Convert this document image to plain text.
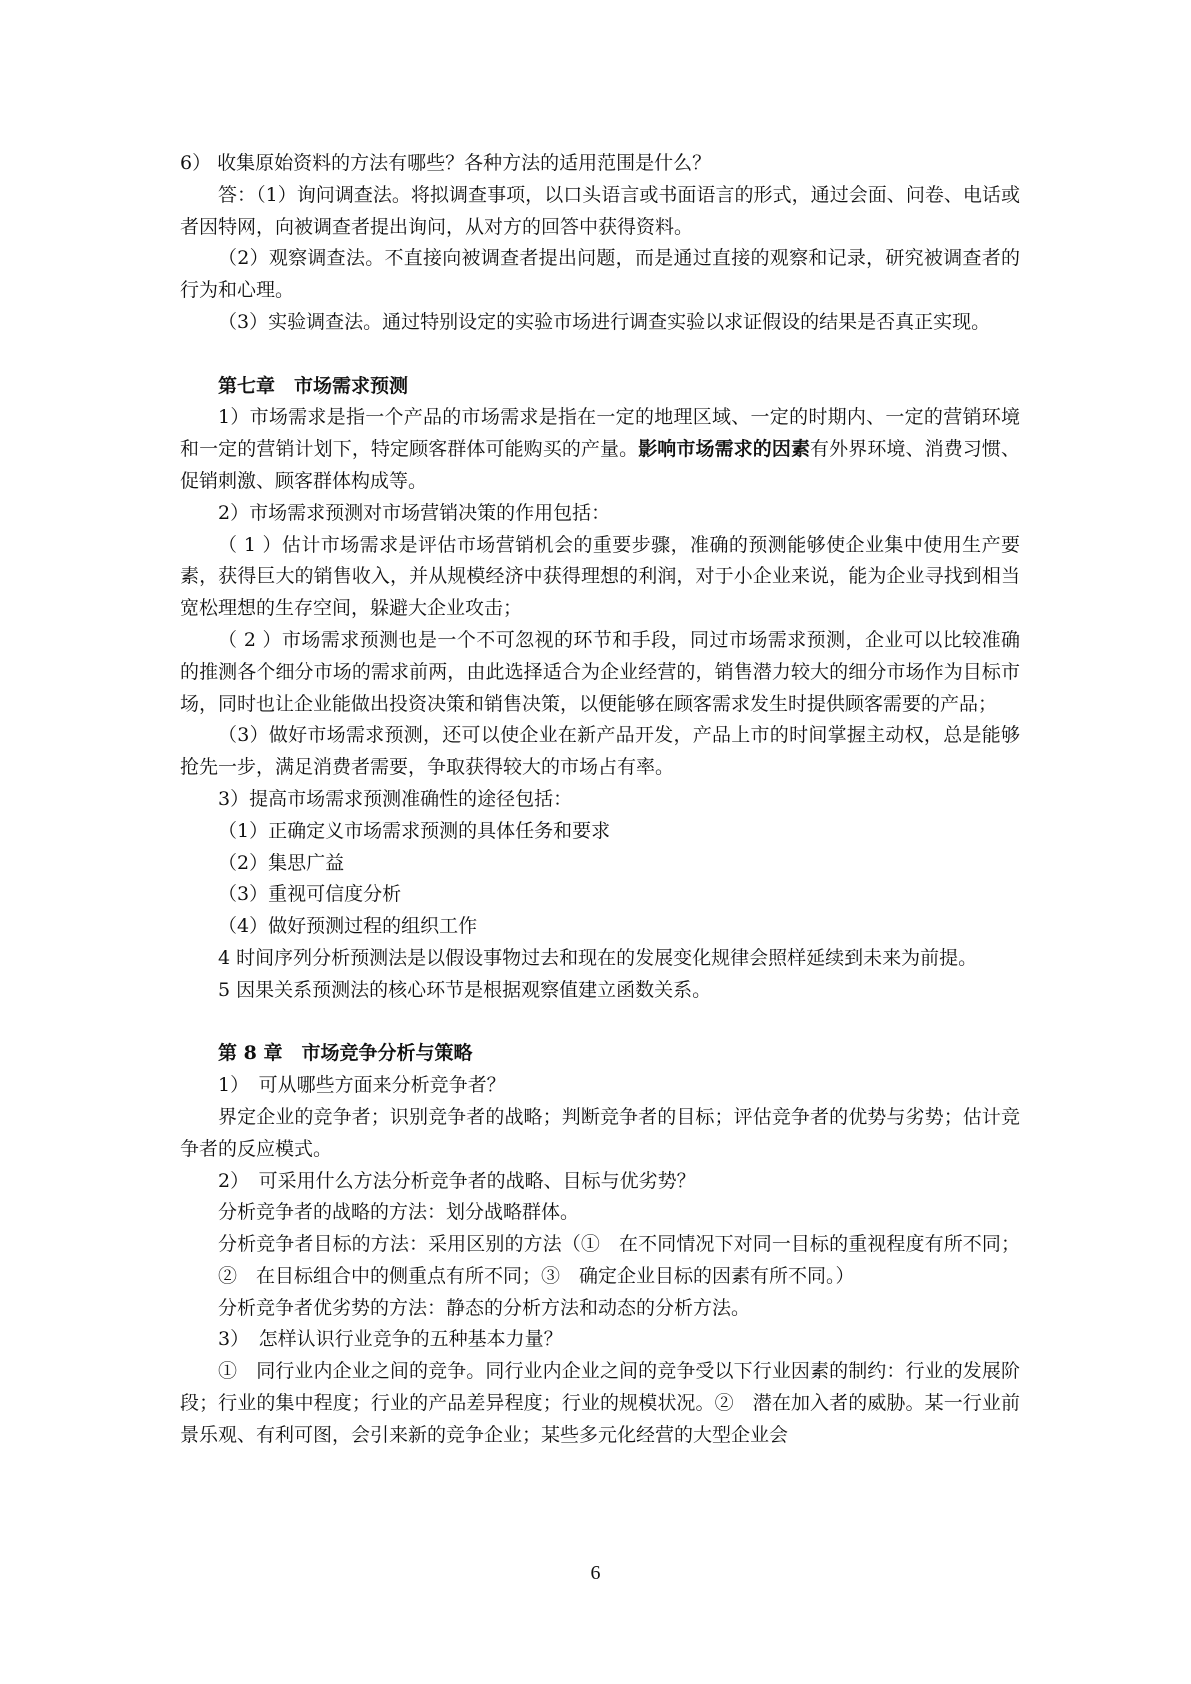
6） 收集原始资料的方法有哪些？各种方法的适用范围是什么？

答：（1）询问调查法。将拟调查事项，以口头语言或书面语言的形式，通过会面、问卷、电话或者因特网，向被调查者提出询问，从对方的回答中获得资料。

（2）观察调查法。不直接向被调查者提出问题，而是通过直接的观察和记录，研究被调查者的行为和心理。

（3）实验调查法。通过特别设定的实验市场进行调查实验以求证假设的结果是否真正实现。

第七章　市场需求预测

1）市场需求是指一个产品的市场需求是指在一定的地理区域、一定的时期内、一定的营销环境和一定的营销计划下，特定顾客群体可能购买的产量。影响市场需求的因素有外界环境、消费习惯、促销刺激、顾客群体构成等。

2）市场需求预测对市场营销决策的作用包括：

（ 1 ）估计市场需求是评估市场营销机会的重要步骤，准确的预测能够使企业集中使用生产要素，获得巨大的销售收入，并从规模经济中获得理想的利润，对于小企业来说，能为企业寻找到相当宽松理想的生存空间，躲避大企业攻击；

（ 2 ）市场需求预测也是一个不可忽视的环节和手段，同过市场需求预测，企业可以比较准确的推测各个细分市场的需求前两，由此选择适合为企业经营的，销售潜力较大的细分市场作为目标市场，同时也让企业能做出投资决策和销售决策，以便能够在顾客需求发生时提供顾客需要的产品；

（3）做好市场需求预测，还可以使企业在新产品开发，产品上市的时间掌握主动权，总是能够抢先一步，满足消费者需要，争取获得较大的市场占有率。

3）提高市场需求预测准确性的途径包括：

（1）正确定义市场需求预测的具体任务和要求

（2）集思广益

（3）重视可信度分析

（4）做好预测过程的组织工作

4 时间序列分析预测法是以假设事物过去和现在的发展变化规律会照样延续到未来为前提。

5 因果关系预测法的核心环节是根据观察值建立函数关系。

第 8 章　市场竞争分析与策略

1）　可从哪些方面来分析竞争者？

界定企业的竞争者；识别竞争者的战略；判断竞争者的目标；评估竞争者的优势与劣势；估计竞争者的反应模式。

2）　可采用什么方法分析竞争者的战略、目标与优劣势？

分析竞争者的战略的方法：划分战略群体。

分析竞争者目标的方法：采用区别的方法（①　在不同情况下对同一目标的重视程度有所不同；②　在目标组合中的侧重点有所不同；③　确定企业目标的因素有所不同。）

分析竞争者优劣势的方法：静态的分析方法和动态的分析方法。

3）　怎样认识行业竞争的五种基本力量？

①　同行业内企业之间的竞争。同行业内企业之间的竞争受以下行业因素的制约：行业的发展阶段；行业的集中程度；行业的产品差异程度；行业的规模状况。②　潜在加入者的威胁。某一行业前景乐观、有利可图，会引来新的竞争企业；某些多元化经营的大型企业会

6
